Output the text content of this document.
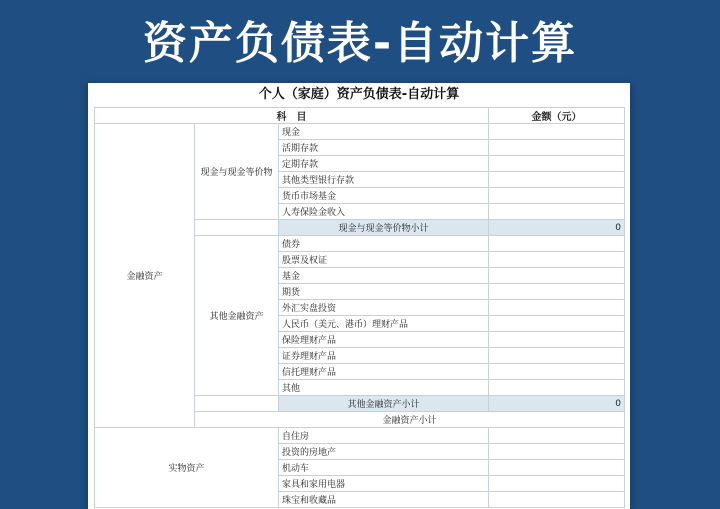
资产负债表-自动计算
个人（家庭）资产负债表-自动计算
科　目			金额（元）	
金融资产	现金与现金等价物	现金		
		活期存款		
		定期存款		
		其他类型银行存款		
		货币市场基金		
		人寿保险金收入		
		现金与现金等价物小计	0	
	其他金融资产	债券		
		股票及权证		
		基金		
		期货		
		外汇实盘投资		
		人民币（美元、港币）理财产品		
		保险理财产品		
		证券理财产品		
		信托理财产品		
		其他		
		其他金融资产小计	0	
	金融资产小计	
实物资产		自住房		
		投资的房地产		
		机动车		
		家具和家用电器		
		珠宝和收藏品		
